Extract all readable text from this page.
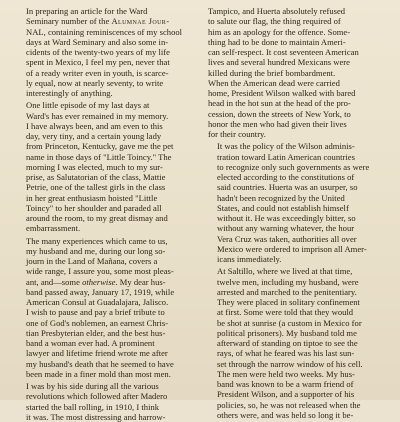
In preparing an article for the Ward
Seminary number of the Alumnae Jour-
NAL, containing reminiscences of my school
days at Ward Seminary and also some in-
cidents of the twenty-two years of my life
spent in Mexico, I feel my pen, never that
of a ready writer even in youth, is scarce-
ly equal, now at nearly seventy, to write
interestingly of anything.

One little episode of my last days at
Ward's has ever remained in my memory.
I have always been, and am even to this
day, very tiny, and a certain young lady
from Princeton, Kentucky, gave me the pet
name in those days of "Little Toincy." The
morning I was elected, much to my sur-
prise, as Salutatorian of the class, Mattie
Petrie, one of the tallest girls in the class
in her great enthusiasm hoisted "Little
Toincy" to her shoulder and paraded all
around the room, to my great dismay and
embarrassment.

The many experiences which came to us,
my husband and me, during our long so-
journ in the Land of Mañana, covers a
wide range, I assure you, some most pleas-
ant, and—some otherwise. My dear hus-
band passed away, January 17, 1919, while
American Consul at Guadalajara, Jalisco.
I wish to pause and pay a brief tribute to
one of God's noblemen, an earnest Chris-
tian Presbyterian elder, and the best hus-
band a woman ever had. A prominent
lawyer and lifetime friend wrote me after
my husband's death that he seemed to have
been made in a finer mold than most men.

I was by his side during all the various
revolutions which followed after Madero
started the ball rolling, in 1910, I think
it was. The most distressing and harrow-

Tampico, and Huerta absolutely refused
to salute our flag, the thing required of
him as an apology for the offence. Some-
thing had to be done to maintain Ameri-
can self-respect. It cost seventeen American
lives and several hundred Mexicans were
killed during the brief bombardment.
When the American dead were carried
home, President Wilson walked with bared
head in the hot sun at the head of the pro-
cession, down the streets of New York, to
honor the men who had given their lives
for their country.

It was the policy of the Wilson adminis-
tration toward Latin American countries
to recognize only such governments as were
elected according to the constitutions of
said countries. Huerta was an usurper, so
hadn't been recognized by the United
States, and could not establish himself
without it. He was exceedingly bitter, so
without any warning whatever, the hour
Vera Cruz was taken, authorities all over
Mexico were ordered to imprison all Amer-
icans immediately.

At Saltillo, where we lived at that time,
twelve men, including my husband, were
arrested and marched to the penitentiary.
They were placed in solitary confinement
at first. Some were told that they would
be shot at sunrise (a custom in Mexico for
political prisoners). My husband told me
afterward of standing on tiptoe to see the
rays, of what he feared was his last sun-
set through the narrow window of his cell.
The men were held two weeks. My hus-
band was known to be a warm friend of
President Wilson, and a supporter of his
policies, so, he was not released when the
others were, and was held so long it be-
